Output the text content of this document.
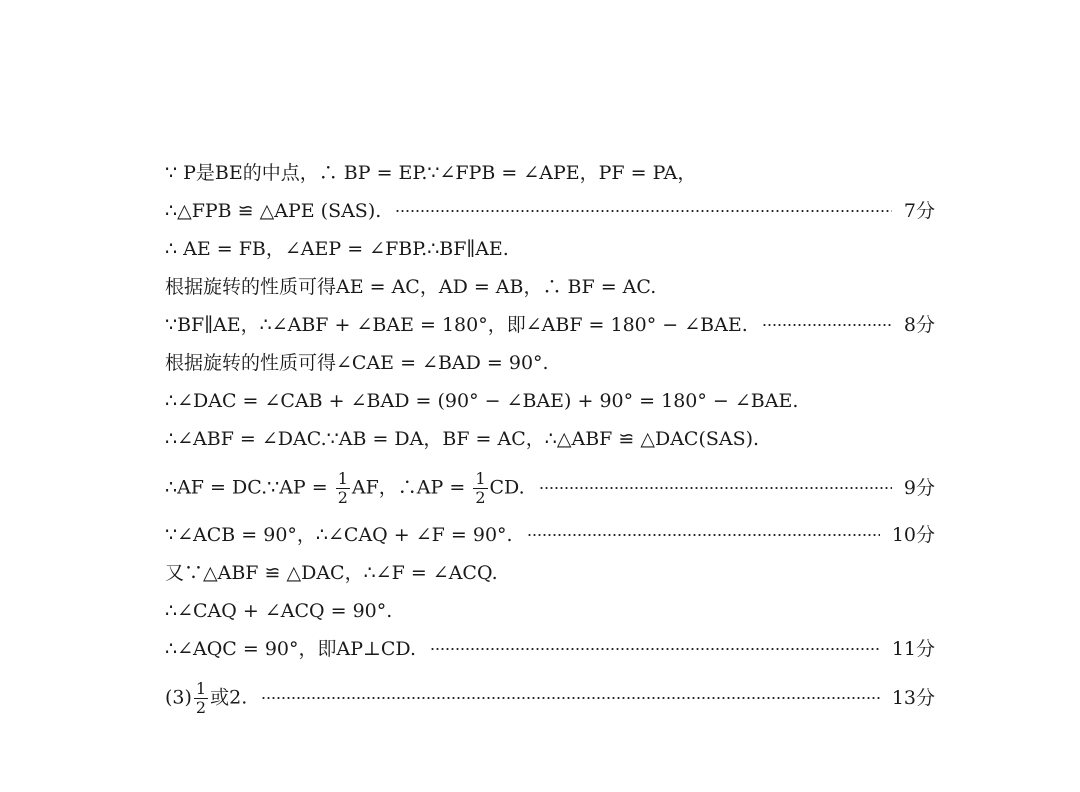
∵ P是BE的中点，∴ BP = EP.∵∠FPB = ∠APE，PF = PA，
∴△FPB ≌ △APE (SAS).	7分
∴ AE = FB，∠AEP = ∠FBP.∴BF∥AE.
根据旋转的性质可得AE = AC，AD = AB，∴ BF = AC.
∵BF∥AE，∴∠ABF + ∠BAE = 180°，即∠ABF = 180° − ∠BAE.	8分
根据旋转的性质可得∠CAE = ∠BAD = 90°.
∴∠DAC = ∠CAB + ∠BAD = (90° − ∠BAE) + 90° = 180° − ∠BAE.
∴∠ABF = ∠DAC.∵AB = DA，BF = AC，∴△ABF ≌ △DAC(SAS).
∴AF = DC.∵AP = $\frac{1}{2}$ AF，∴AP = $\frac{1}{2}$ CD.	9分
∵∠ACB = 90°，∴∠CAQ + ∠F = 90°.	10分
又∵△ABF ≌ △DAC，∴∠F = ∠ACQ.
∴∠CAQ + ∠ACQ = 90°.
∴∠AQC = 90°，即AP⊥CD.	11分
$(3) \frac{1}{2}$ 或2.	13分
